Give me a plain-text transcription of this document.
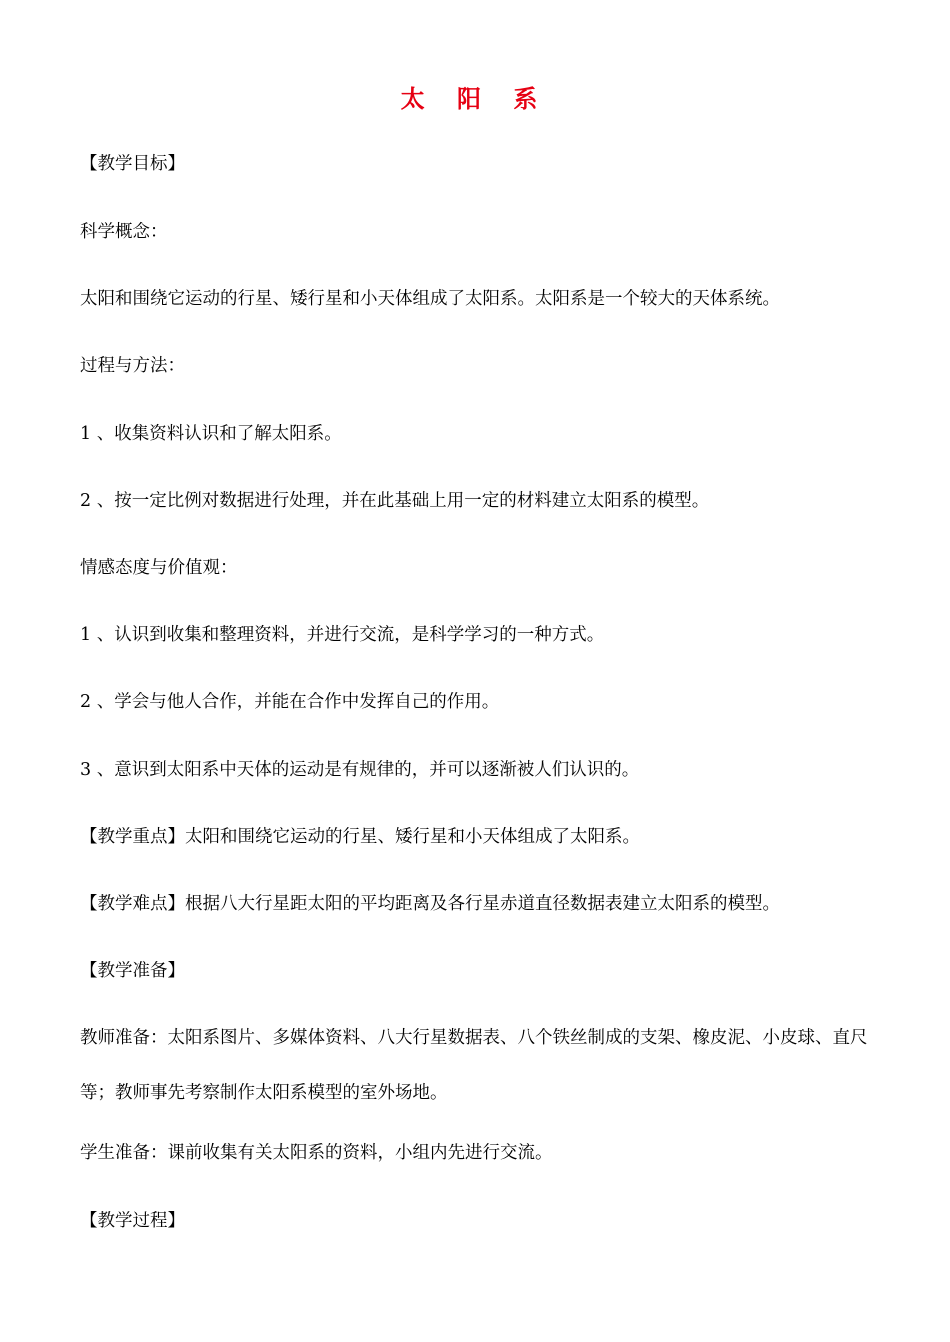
太 阳 系
【教学目标】
科学概念：
太阳和围绕它运动的行星、矮行星和小天体组成了太阳系。太阳系是一个较大的天体系统。
过程与方法：
1 、收集资料认识和了解太阳系。
2 、按一定比例对数据进行处理，并在此基础上用一定的材料建立太阳系的模型。
情感态度与价值观：
1 、认识到收集和整理资料，并进行交流，是科学学习的一种方式。
2 、学会与他人合作，并能在合作中发挥自己的作用。
3 、意识到太阳系中天体的运动是有规律的，并可以逐渐被人们认识的。
【教学重点】太阳和围绕它运动的行星、矮行星和小天体组成了太阳系。
【教学难点】根据八大行星距太阳的平均距离及各行星赤道直径数据表建立太阳系的模型。
【教学准备】
教师准备：太阳系图片、多媒体资料、八大行星数据表、八个铁丝制成的支架、橡皮泥、小皮球、直尺等；教师事先考察制作太阳系模型的室外场地。
学生准备：课前收集有关太阳系的资料，小组内先进行交流。
【教学过程】
